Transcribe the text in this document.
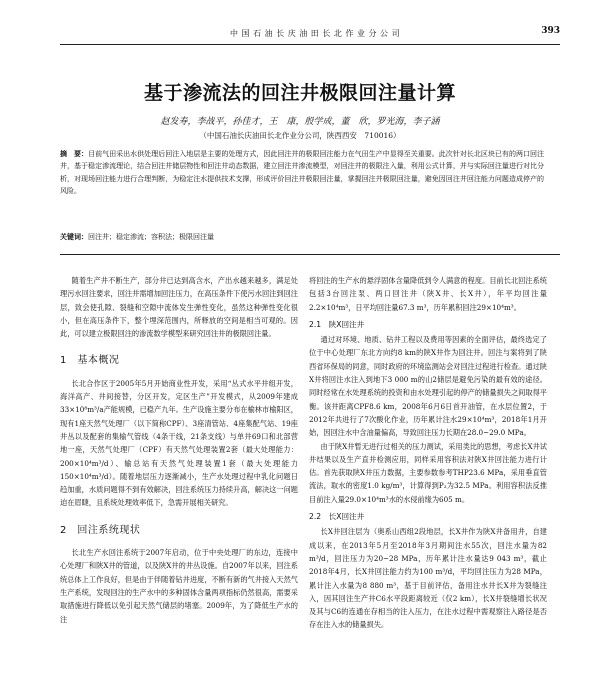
中 国 石 油 长 庆 油 田 长 北 作 业 分 公 司	393
基于渗流法的回注井极限回注量计算
赵发寿，李战平，孙佳才，王　康，殷学成，董　欣，罗光海，李子涵
（中国石油长庆油田长北作业分公司，陕西西安　710016）
摘　要：目前气田采出水供处理后回注入地层是主要的处理方式，因此回注井的极限回注能力在气田生产中显得至关重要。此次针对长北区块已有的两口回注井，基于稳定渗流理论，结合回注井储层物性和回注井动态数据，建立回注井渗流模型，对回注井的极限注入量，利用公式计算，并与实际回注量进行对比分析，对现场回注能力进行合理判断，为稳定注水提供技术支撑，形成评价回注井极限回注量，掌握回注井极限回注量，避免因回注井回注能力问题造成停产的风险。
关键词：回注井；稳定渗流；容积法；极限回注量

随着生产井不断生产，部分井已达到高含水，产出水越来越多，满足处理污水回注要求，回注井需增加回注压力，在高压条件下使污水回注到回注层，致会使孔隙、裂缝和空隙中流体发生弹性变化，虽然这种弹性变化很小，但在高压条件下，整个埋深范围内，所释放的空间是相当可观的。因此，可以建立极限回注的渗流数学模型来研究回注井的极限回注量。

1　基本概况

长北合作区于2005年5月开始商业性开发，采用“丛式水平井组开发，海洋高产、井间接替，分区开发，定区生产”开发模式，从2009年建成33×10⁸m³/a产能规模，已稳产九年。生产设施主要分布在榆林市榆阳区，现有1座天然气处理厂（以下简称CPF）、3座清管站、4座集配气站、19座井丛以及配套的集输气管线（4条干线，21条支线）与单井69口和北部营地一座，天然气处理厂（CPF）有天然气处理装置2套（最大处理能力：200×10⁴m³/d）、输总站有天然气处理装置1套（最大处理能力150×10⁴m³/d）。随着地层压力逐渐减小，生产水处理过程中乳化问题日趋加重，水质问题得不到有效解决，回注系统压力持续升高，解决这一问题迫在眉睫，且系统处理效率低下，急需开展相关研究。

2　回注系统现状

长北生产水回注系统于2007年启动，位于中央处理厂的东边，连接中心处理厂和陕X井的管道，以及陕X井的井丛设施。自2007年以来，回注系统总体上工作良好，但是由于伴随着钻井进度，不断有新的气井接入天然气生产系统，发现回注的生产水中的多种固体含量两项指标仍然很高，需要采取措施进行降低以免引起天然气储层的堵塞。2009年，为了降低生产水的注

将回注的生产水的悬浮固体含量降低到令人满意的程度。目前长北回注系统包括3台回注泵、两口回注井（陕X井、长X井），年平均回注量2.2×10⁴m³，日平均回注量67.3 m³，历年累积回注29×10⁴m³。

2.1　陕X回注井

通过对环境、地质、钻井工程以及费用等因素的全面评估，最终选定了位于中心处理厂东北方向约8 km的陕X井作为回注井。回注与案将到了陕西省环保局的同意，同时政府的环境监测站会对回注过程进行检查。通过陕X井将回注水注入到地下3 000 m的山2储层是避免污染的最有效的途径。同时经常在水处理系统的投资和由水处理引起的停产的储量损失之间取得平衡。该井距离CPF8.6 km，2008年6月6日首开油管，在水层位置2，于2012年共进行了7次酸化作业，历年累计注水29×10⁴m³，2018年1月开始，因回注水中含油量偏高，导致回注压力长期在28.0~29.0 MPa。

由于陕X井暂无进行过相关的压力测试，采用类比的思想，考虑长X井试井结果以及生产直井检测应用，同样采用容积法对陕X井回注能力进行计估。首先获取陕X井压力数据，主要参数参考THP23.6 MPa，采用垂直管流法，取水的密度1.0 kg/m³，计算得到P₂为32.5 MPa。利用容积法反推目前注入量29.0×10⁴m³水的水侵前缘为605 m。

2.2　长X回注井

长X井回注层为（奥系山西组2段地层，长X井作为陕X井备用井，自建成以来，在2013年5月至2018年3月期间注水55次，回注水量为82 m³/d，回注压力为20~28 MPa，历年累计注水量达9 043 m³，截止2018年4月，长X井回注能力约为100 m³/d，平均回注压力为28 MPa，累计注入水量为8 880 m³，基于目前评估，备用注水井长X井为裂缝注入，因其回注生产井C6水平段距离较近（仅2 km），长X井裂缝增长状况及其与C6的连通在存相当的注入压力，在注水过程中需观察注入路径是否存在注入水的储量损失。
